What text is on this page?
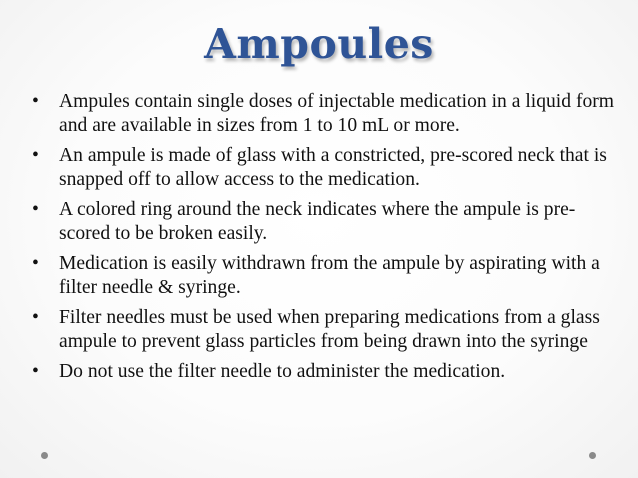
Ampoules
• Ampules contain single doses of injectable medication in a liquid form and are available in sizes from 1 to 10 mL or more.
• An ampule is made of glass with a constricted, pre-scored neck that is snapped off to allow access to the medication.
• A colored ring around the neck indicates where the ampule is pre-scored to be broken easily.
• Medication is easily withdrawn from the ampule by aspirating with a filter needle & syringe.
• Filter needles must be used when preparing medications from a glass ampule to prevent glass particles from being drawn into the syringe
• Do not use the filter needle to administer the medication.
